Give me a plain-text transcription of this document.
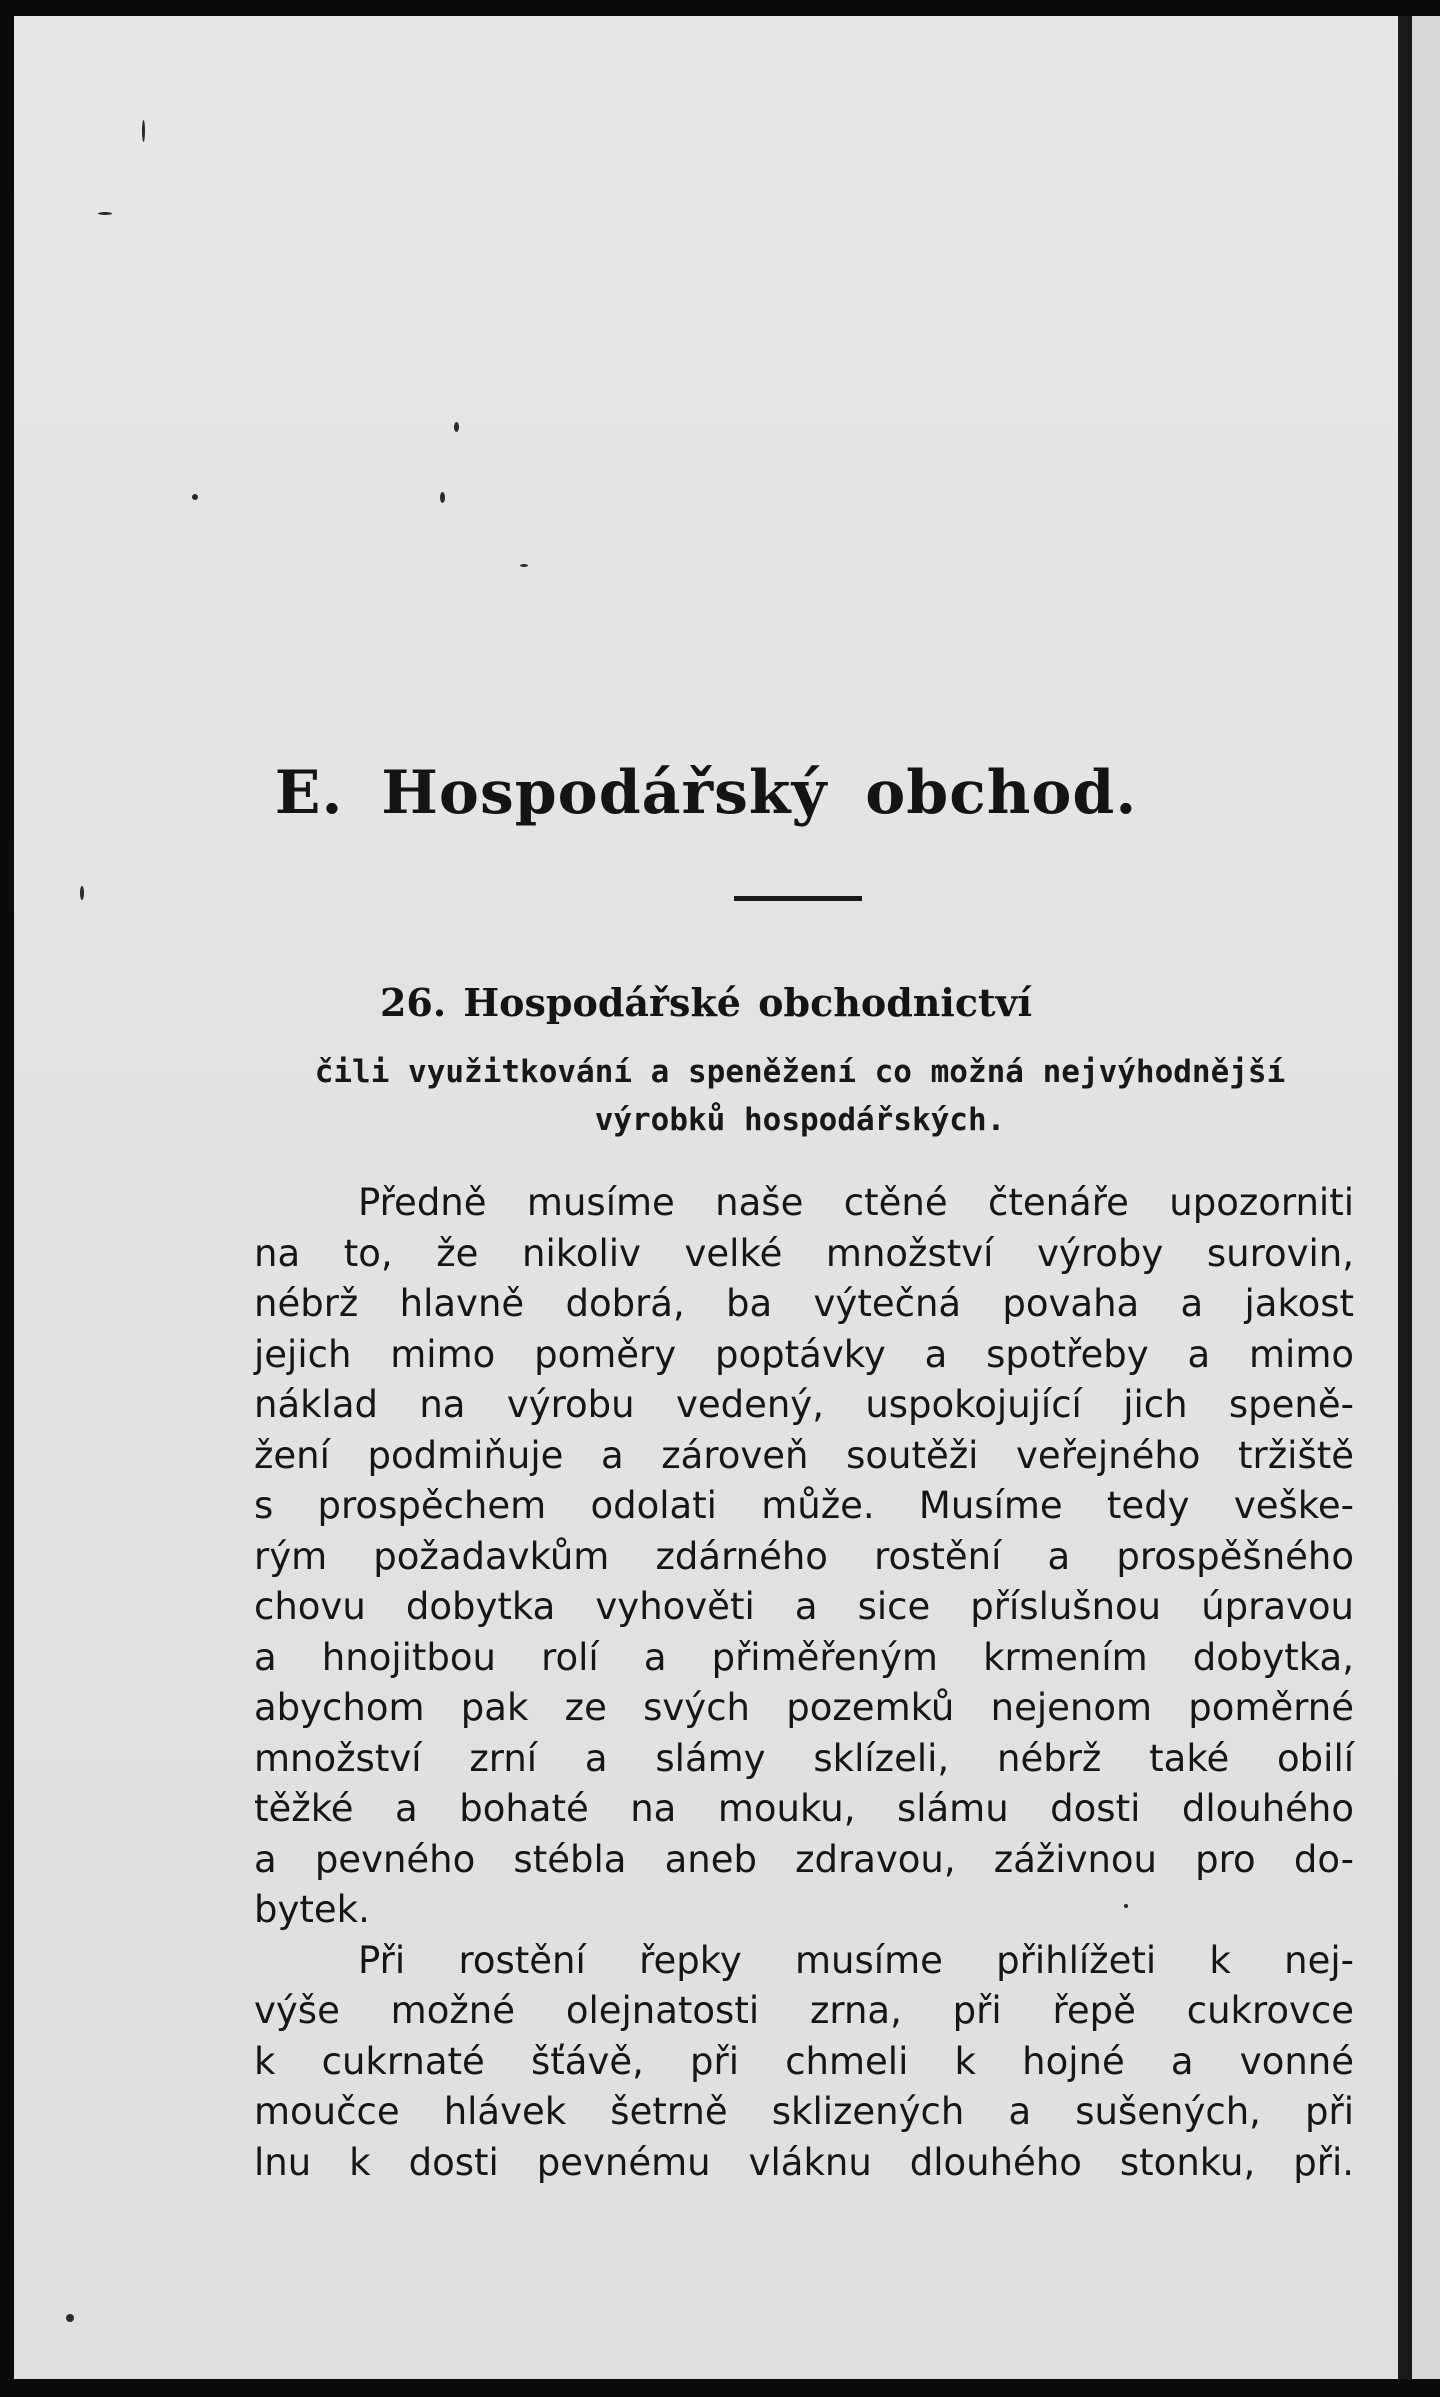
E. Hospodářský obchod.
26. Hospodářské obchodnictví
čili využitkování a speněžení co možná nejvýhodnější
výrobků hospodářských.
Předně musíme naše ctěné čtenáře upozorniti
na to, že nikoliv velké množství výroby surovin,
nébrž hlavně dobrá, ba výtečná povaha a jakost
jejich mimo poměry poptávky a spotřeby a mimo
náklad na výrobu vedený, uspokojující jich speně-
žení podmiňuje a zároveň soutěži veřejného tržiště
s prospěchem odolati může. Musíme tedy veške-
rým požadavkům zdárného rostění a prospěšného
chovu dobytka vyhověti a sice příslušnou úpravou
a hnojitbou rolí a přiměřeným krmením dobytka,
abychom pak ze svých pozemků nejenom poměrné
množství zrní a slámy sklízeli, nébrž také obilí
těžké a bohaté na mouku, slámu dosti dlouhého
a pevného stébla aneb zdravou, záživnou pro do-
bytek.
Při rostění řepky musíme přihlížeti k nej-
výše možné olejnatosti zrna, při řepě cukrovce
k cukrnaté šťávě, při chmeli k hojné a vonné
moučce hlávek šetrně sklizených a sušených, při
lnu k dosti pevnému vláknu dlouhého stonku, při.
